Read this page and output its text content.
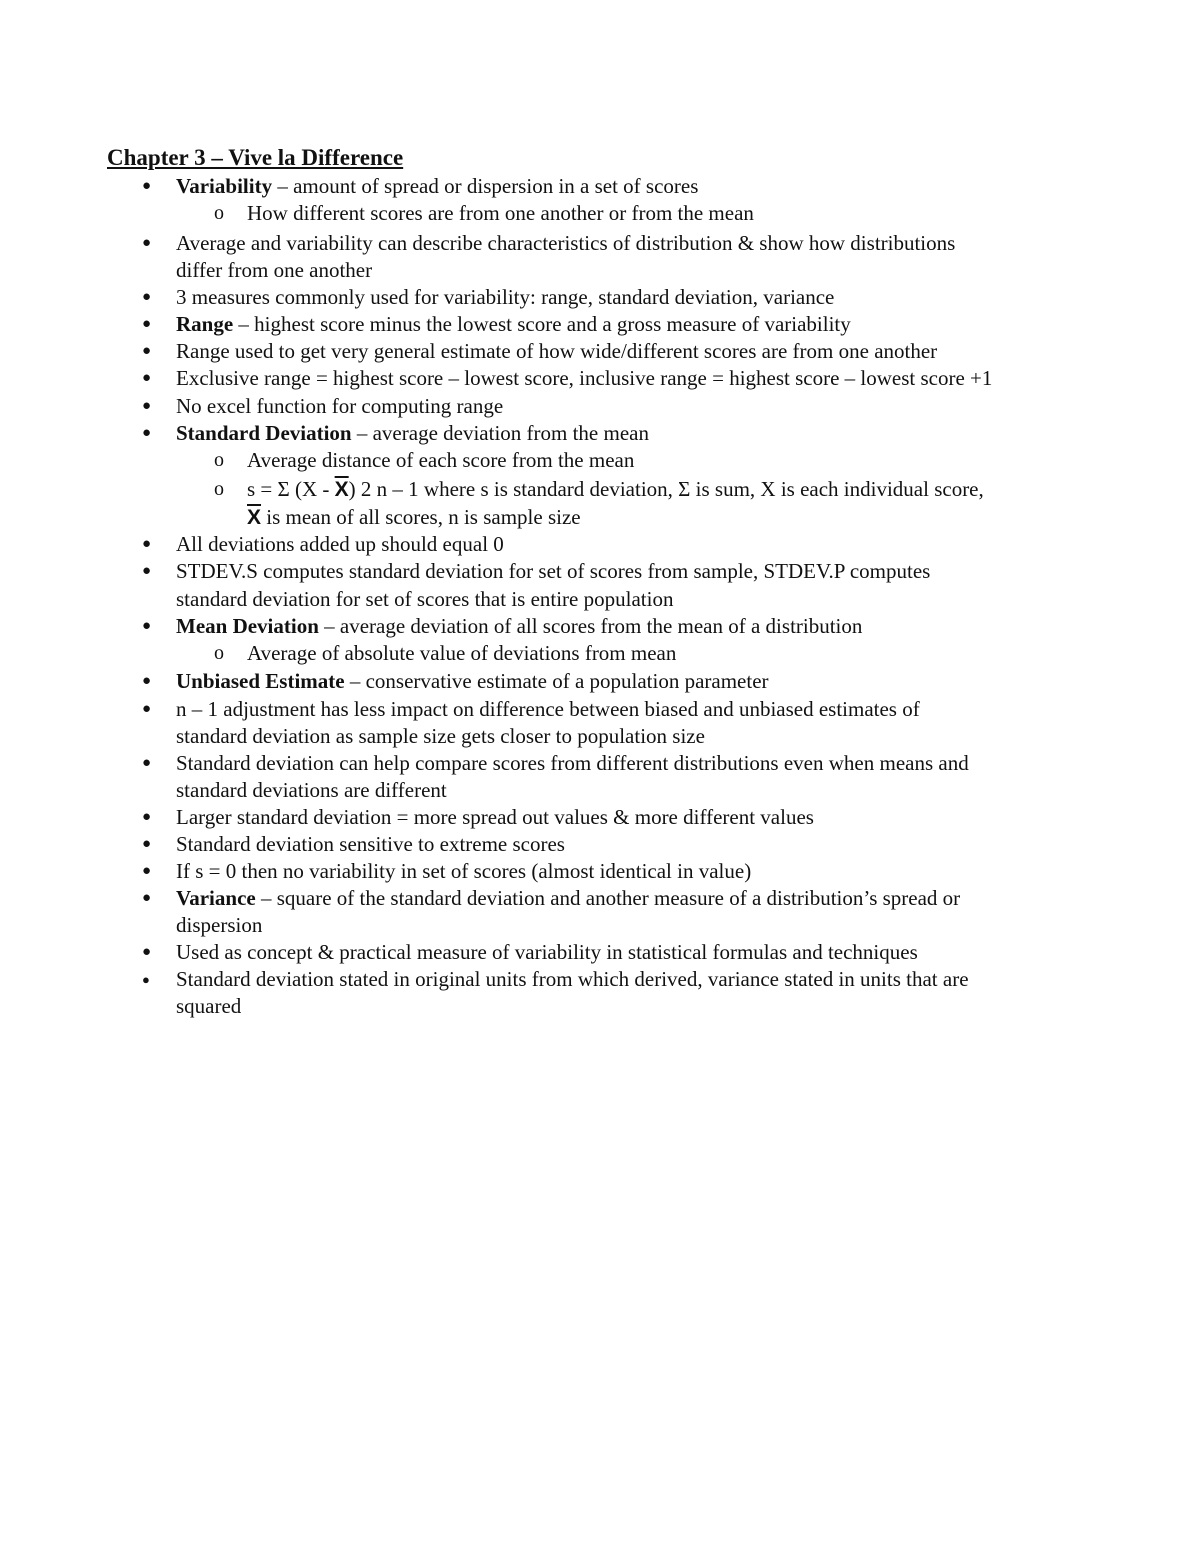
Chapter 3 – Vive la Difference
● Variability – amount of spread or dispersion in a set of scores
o How different scores are from one another or from the mean
● Average and variability can describe characteristics of distribution & show how distributions
differ from one another
● 3 measures commonly used for variability: range, standard deviation, variance
● Range – highest score minus the lowest score and a gross measure of variability
● Range used to get very general estimate of how wide/different scores are from one another
● Exclusive range = highest score – lowest score, inclusive range = highest score – lowest score +1
● No excel function for computing range
● Standard Deviation – average deviation from the mean
o Average distance of each score from the mean
o s = Σ $(X - \overline{X})$ 2 n – 1 where s is standard deviation, Σ is sum, X is each individual score,
$\overline{X}$ is mean of all scores, n is sample size
● All deviations added up should equal 0
● STDEV.S computes standard deviation for set of scores from sample, STDEV.P computes
standard deviation for set of scores that is entire population
● Mean Deviation – average deviation of all scores from the mean of a distribution
o Average of absolute value of deviations from mean
● Unbiased Estimate – conservative estimate of a population parameter
● n – 1 adjustment has less impact on difference between biased and unbiased estimates of
standard deviation as sample size gets closer to population size
● Standard deviation can help compare scores from different distributions even when means and
standard deviations are different
● Larger standard deviation = more spread out values & more different values
● Standard deviation sensitive to extreme scores
● If s = 0 then no variability in set of scores (almost identical in value)
● Variance – square of the standard deviation and another measure of a distribution’s spread or
dispersion
● Used as concept & practical measure of variability in statistical formulas and techniques
● Standard deviation stated in original units from which derived, variance stated in units that are
squared
